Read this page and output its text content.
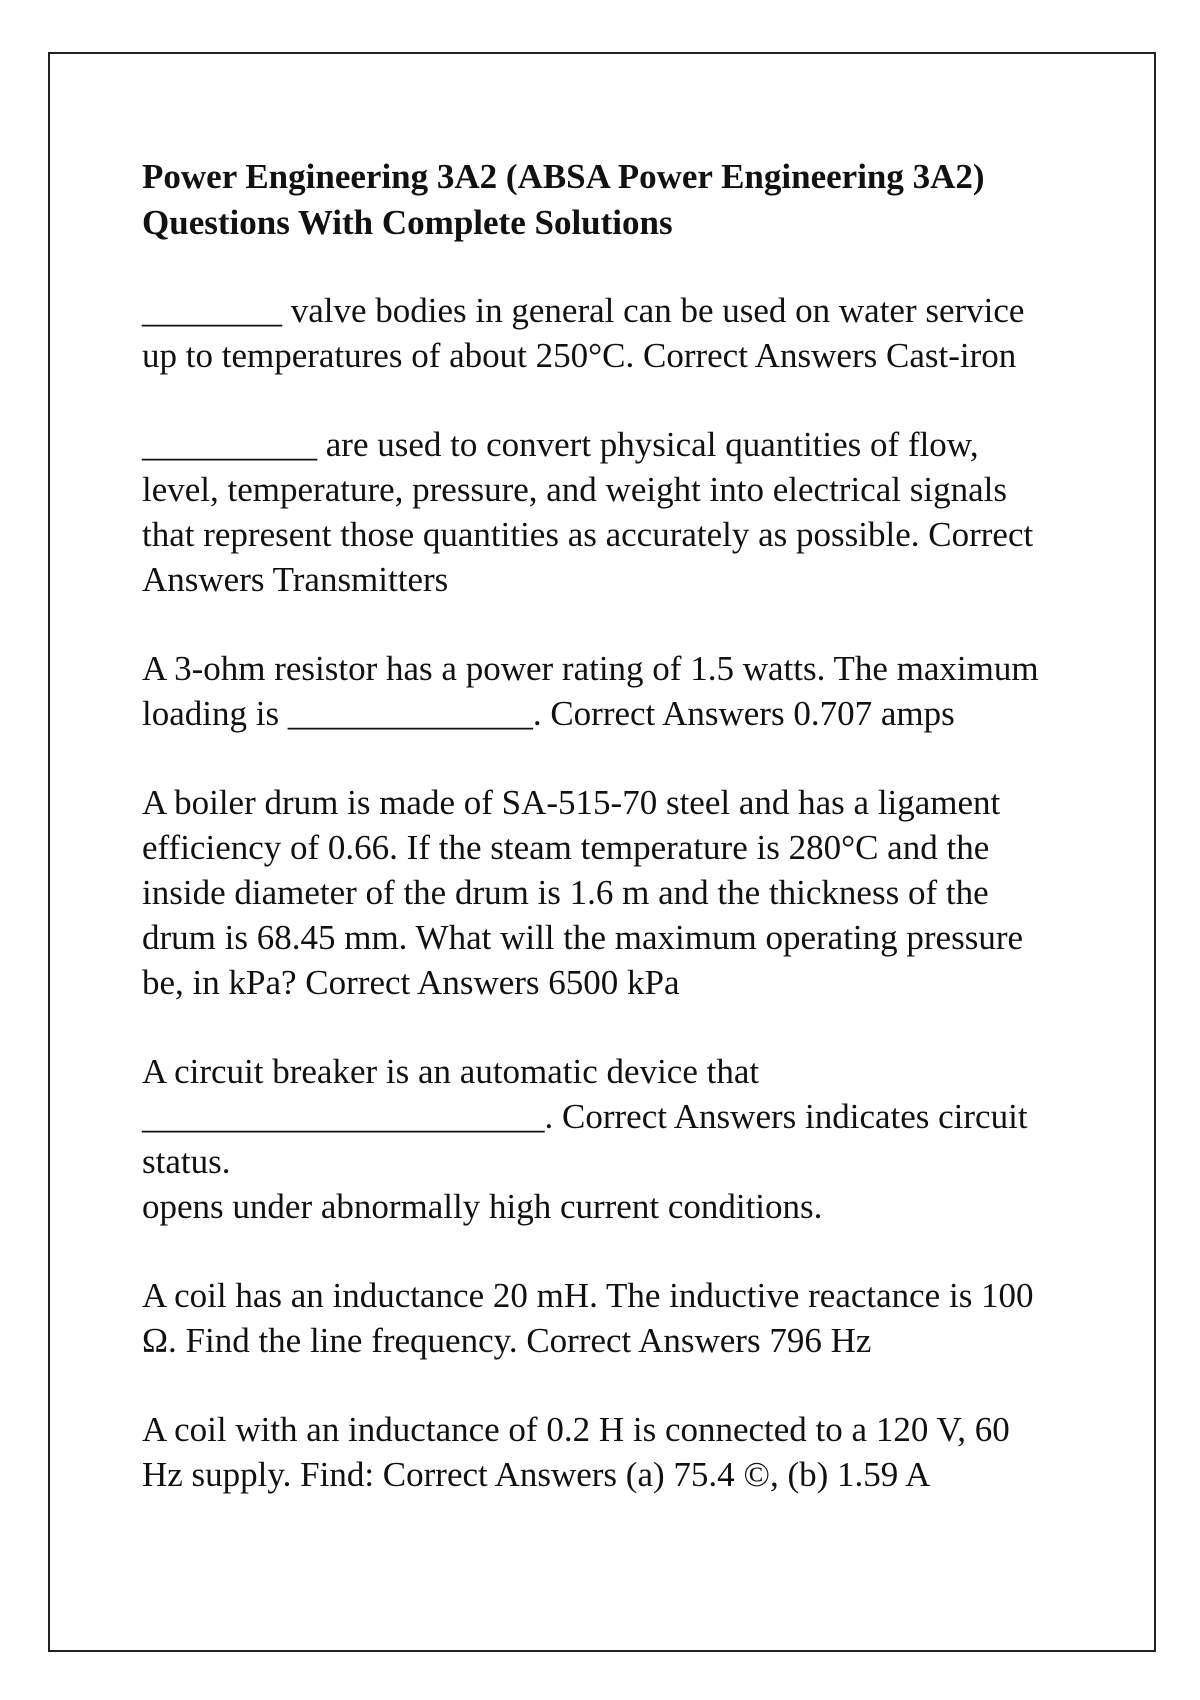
Power Engineering 3A2 (ABSA Power Engineering 3A2)
Questions With Complete Solutions

________ valve bodies in general can be used on water service
up to temperatures of about 250°C. Correct Answers Cast-iron

__________ are used to convert physical quantities of flow,
level, temperature, pressure, and weight into electrical signals
that represent those quantities as accurately as possible. Correct
Answers Transmitters

A 3-ohm resistor has a power rating of 1.5 watts. The maximum
loading is ______________. Correct Answers 0.707 amps

A boiler drum is made of SA-515-70 steel and has a ligament
efficiency of 0.66. If the steam temperature is 280°C and the
inside diameter of the drum is 1.6 m and the thickness of the
drum is 68.45 mm. What will the maximum operating pressure
be, in kPa? Correct Answers 6500 kPa

A circuit breaker is an automatic device that
_______________________. Correct Answers indicates circuit
status.
opens under abnormally high current conditions.

A coil has an inductance 20 mH. The inductive reactance is 100
Ω. Find the line frequency. Correct Answers 796 Hz

A coil with an inductance of 0.2 H is connected to a 120 V, 60
Hz supply. Find: Correct Answers (a) 75.4 ©, (b) 1.59 A
